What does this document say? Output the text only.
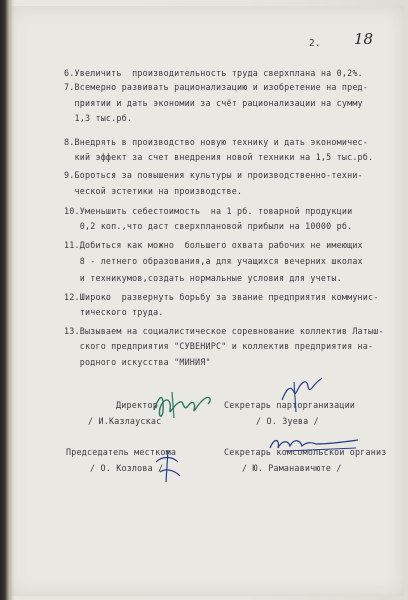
2. 18
6.Увеличить  производительность труда сверхплана на 0,2%.
7.Всемерно развивать рационализацию и изобретение на пред-
приятии и дать экономии за счёт рационализации на сумму
1,3 тыс.рб.
8.Внедрять в производство новую технику и дать экономичес-
кий эффект за счет внедрения новой техники на 1,5 тыс.рб.
9.Бороться за повышения культуры и производственно-техни-
ческой эстетики на производстве.
10.Уменьшить себестоимость  на 1 рб. товарной продукции
0,2 коп.,что даст сверхплановой прибыли на 10000 рб.
11.Добиться как можно  большего охвата рабочих не имеющих
8 - летнего образования,а для учащихся вечерних школах
и техникумов,создать нормальные условия для учеты.
12.Широко  развернуть борьбу за звание предприятия коммунис-
тического труда.
13.Вызываем на социалистическое соревнование коллектив Латыш-
ского предприятия "СУВЕНИРС" и коллектив предприятия на-
родного искусства "МИНИЯ"
Директор
/ И.Казлаускас
Секретарь парторганизации
/ О. Зуева /
Председатель месткома
/ О. Козлова /
Секретарь комсомольской организ
/ Ю. Раманавичюте /
